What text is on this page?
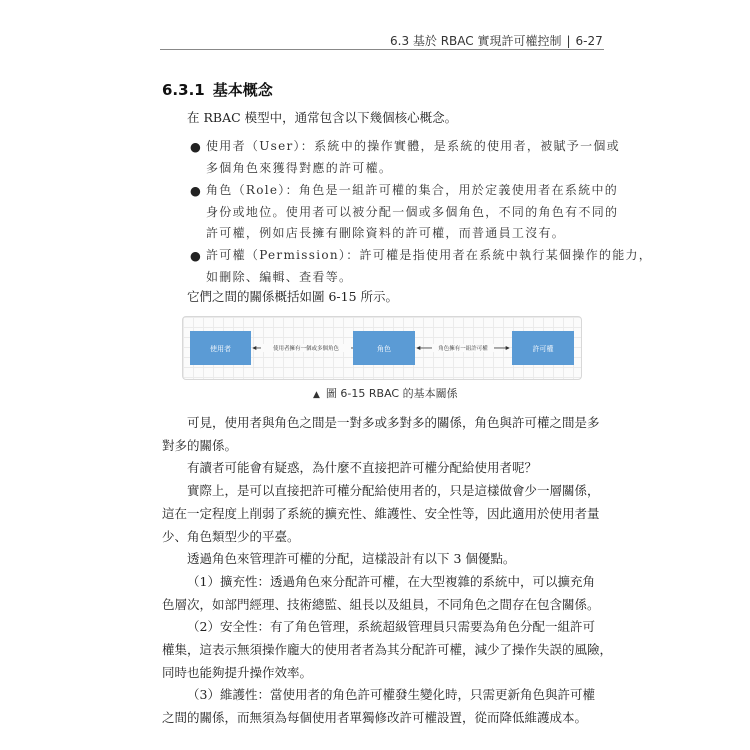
6.3 基於 RBAC 實現許可權控制 | 6-27
6.3.1 基本概念
在 RBAC 模型中，通常包含以下幾個核心概念。
● 使用者（User）：系統中的操作實體，是系統的使用者，被賦予一個或
多個角色來獲得對應的許可權。
● 角色（Role）：角色是一組許可權的集合，用於定義使用者在系統中的
身份或地位。使用者可以被分配一個或多個角色，不同的角色有不同的
許可權，例如店長擁有刪除資料的許可權，而普通員工沒有。
● 許可權（Permission）：許可權是指使用者在系統中執行某個操作的能力，
如刪除、編輯、查看等。
它們之間的關係概括如圖 6-15 所示。
使用者擁有一個或多個角色	角色擁有一組許可權
使用者	角色	許可權
▲ 圖 6-15 RBAC 的基本關係
可見，使用者與角色之間是一對多或多對多的關係，角色與許可權之間是多
對多的關係。
有讀者可能會有疑惑，為什麼不直接把許可權分配給使用者呢？
實際上，是可以直接把許可權分配給使用者的，只是這樣做會少一層關係，
這在一定程度上削弱了系統的擴充性、維護性、安全性等，因此適用於使用者量
少、角色類型少的平臺。
透過角色來管理許可權的分配，這樣設計有以下 3 個優點。
（1）擴充性：透過角色來分配許可權，在大型複雜的系統中，可以擴充角
色層次，如部門經理、技術總監、組長以及組員，不同角色之間存在包含關係。
（2）安全性：有了角色管理，系統超級管理員只需要為角色分配一組許可
權集，這表示無須操作龐大的使用者者為其分配許可權，減少了操作失誤的風險，
同時也能夠提升操作效率。
（3）維護性：當使用者的角色許可權發生變化時，只需更新角色與許可權
之間的關係，而無須為每個使用者單獨修改許可權設置，從而降低維護成本。
